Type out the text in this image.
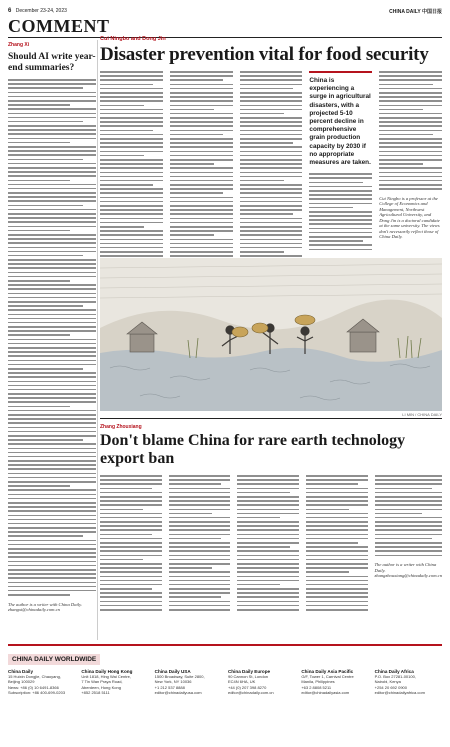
6 December 23-24, 2023	CHINA DAILY 中国日报
COMMENT
Zhang Xi
Should AI write year-end summaries?
The author is a writer with China Daily. zhangxi@chinadaily.com.cn
Cui Ningbo and Dong Jin
Disaster prevention vital for food security
China is experiencing a surge in agricultural disasters, with a projected 5-10 percent decline in comprehensive grain production capacity by 2030 if no appropriate measures are taken.
Cui Ningbo is a professor at the College of Economics and Management, Northwest Agricultural University, and Dong Jin is a doctoral candidate at the same university. The views don't necessarily reflect those of China Daily.
LI MIN / CHINA DAILY
Zhang Zhouxiang
Don't blame China for rare earth technology export ban
The author is a writer with China Daily. zhangzhouxiang@chinadaily.com.cn
CHINA DAILY WORLDWIDE
China Daily
15 Huixin Dongjie, Chaoyang,
Beijing 100029
News: +86 (0) 10 6491-8366
Subscription: +86 400-699-0203
China Daily Hong Kong
Unit 1818, Hing Wai Centre,
7 Tin Wan Praya Road,
Aberdeen, Hong Kong
+852 2518 5111
China Daily USA
1500 Broadway, Suite 2800,
New York, NY 10036
+1 212 537 8888
editor@chinadailyusa.com
China Daily Europe
90 Cannon St, London
EC4N 6HA, UK
+44 (0) 207 398 8270
editor@chinadaily.com.cn
China Daily Asia Pacific
G/F, Tower 1, Carnival Centre
Manila, Philippines
+63 2 8808 5211
editor@chinadailyasia.com
China Daily Africa
P.O. Box 27281-00100,
Nairobi, Kenya
+254 20 692 0900
editor@chinadailyafrica.com
